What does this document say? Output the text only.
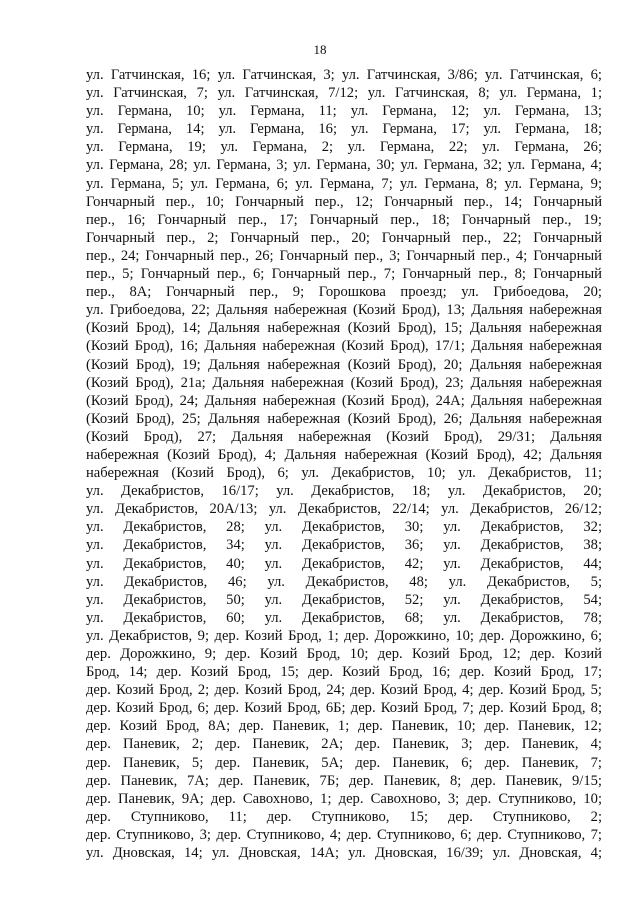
18
ул. Гатчинская, 16; ул. Гатчинская, 3; ул. Гатчинская, 3/86; ул. Гатчинская, 6;
ул. Гатчинская, 7; ул. Гатчинская, 7/12; ул. Гатчинская, 8; ул. Германа, 1;
ул. Германа, 10; ул. Германа, 11; ул. Германа, 12; ул. Германа, 13;
ул. Германа, 14; ул. Германа, 16; ул. Германа, 17; ул. Германа, 18;
ул. Германа, 19; ул. Германа, 2; ул. Германа, 22; ул. Германа, 26;
ул. Германа, 28; ул. Германа, 3; ул. Германа, 30; ул. Германа, 32; ул. Германа, 4;
ул. Германа, 5; ул. Германа, 6; ул. Германа, 7; ул. Германа, 8; ул. Германа, 9;
Гончарный пер., 10; Гончарный пер., 12; Гончарный пер., 14; Гончарный
пер., 16; Гончарный пер., 17; Гончарный пер., 18; Гончарный пер., 19;
Гончарный пер., 2; Гончарный пер., 20; Гончарный пер., 22; Гончарный
пер., 24; Гончарный пер., 26; Гончарный пер., 3; Гончарный пер., 4; Гончарный
пер., 5; Гончарный пер., 6; Гончарный пер., 7; Гончарный пер., 8; Гончарный
пер., 8А; Гончарный пер., 9; Горошкова проезд; ул. Грибоедова, 20;
ул. Грибоедова, 22; Дальняя набережная (Козий Брод), 13; Дальняя набережная
(Козий Брод), 14; Дальняя набережная (Козий Брод), 15; Дальняя набережная
(Козий Брод), 16; Дальняя набережная (Козий Брод), 17/1; Дальняя набережная
(Козий Брод), 19; Дальняя набережная (Козий Брод), 20; Дальняя набережная
(Козий Брод), 21а; Дальняя набережная (Козий Брод), 23; Дальняя набережная
(Козий Брод), 24; Дальняя набережная (Козий Брод), 24А; Дальняя набережная
(Козий Брод), 25; Дальняя набережная (Козий Брод), 26; Дальняя набережная
(Козий Брод), 27; Дальняя набережная (Козий Брод), 29/31; Дальняя
набережная (Козий Брод), 4; Дальняя набережная (Козий Брод), 42; Дальняя
набережная (Козий Брод), 6; ул. Декабристов, 10; ул. Декабристов, 11;
ул. Декабристов, 16/17; ул. Декабристов, 18; ул. Декабристов, 20;
ул. Декабристов, 20А/13; ул. Декабристов, 22/14; ул. Декабристов, 26/12;
ул. Декабристов, 28; ул. Декабристов, 30; ул. Декабристов, 32;
ул. Декабристов, 34; ул. Декабристов, 36; ул. Декабристов, 38;
ул. Декабристов, 40; ул. Декабристов, 42; ул. Декабристов, 44;
ул. Декабристов, 46; ул. Декабристов, 48; ул. Декабристов, 5;
ул. Декабристов, 50; ул. Декабристов, 52; ул. Декабристов, 54;
ул. Декабристов, 60; ул. Декабристов, 68; ул. Декабристов, 78;
ул. Декабристов, 9; дер. Козий Брод, 1; дер. Дорожкино, 10; дер. Дорожкино, 6;
дер. Дорожкино, 9; дер. Козий Брод, 10; дер. Козий Брод, 12; дер. Козий
Брод, 14; дер. Козий Брод, 15; дер. Козий Брод, 16; дер. Козий Брод, 17;
дер. Козий Брод, 2; дер. Козий Брод, 24; дер. Козий Брод, 4; дер. Козий Брод, 5;
дер. Козий Брод, 6; дер. Козий Брод, 6Б; дер. Козий Брод, 7; дер. Козий Брод, 8;
дер. Козий Брод, 8А; дер. Паневик, 1; дер. Паневик, 10; дер. Паневик, 12;
дер. Паневик, 2; дер. Паневик, 2А; дер. Паневик, 3; дер. Паневик, 4;
дер. Паневик, 5; дер. Паневик, 5А; дер. Паневик, 6; дер. Паневик, 7;
дер. Паневик, 7А; дер. Паневик, 7Б; дер. Паневик, 8; дер. Паневик, 9/15;
дер. Паневик, 9А; дер. Савохново, 1; дер. Савохново, 3; дер. Ступниково, 10;
дер. Ступниково, 11; дер. Ступниково, 15; дер. Ступниково, 2;
дер. Ступниково, 3; дер. Ступниково, 4; дер. Ступниково, 6; дер. Ступниково, 7;
ул. Дновская, 14; ул. Дновская, 14А; ул. Дновская, 16/39; ул. Дновская, 4;
